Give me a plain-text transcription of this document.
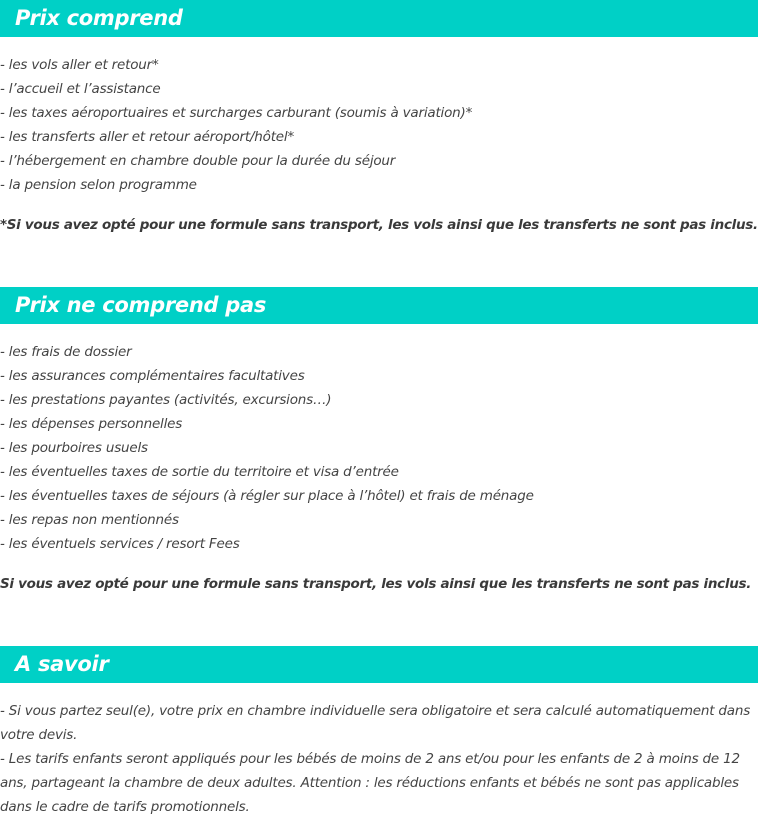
Prix comprend
- les vols aller et retour*
- l’accueil et l’assistance
- les taxes aéroportuaires et surcharges carburant (soumis à variation)*
- les transferts aller et retour aéroport/hôtel*
- l’hébergement en chambre double pour la durée du séjour
- la pension selon programme

*Si vous avez opté pour une formule sans transport, les vols ainsi que les transferts ne sont pas inclus.

Prix ne comprend pas
- les frais de dossier
- les assurances complémentaires facultatives
- les prestations payantes (activités, excursions…)
- les dépenses personnelles
- les pourboires usuels
- les éventuelles taxes de sortie du territoire et visa d’entrée
- les éventuelles taxes de séjours (à régler sur place à l’hôtel) et frais de ménage
- les repas non mentionnés
- les éventuels services / resort Fees

Si vous avez opté pour une formule sans transport, les vols ainsi que les transferts ne sont pas inclus.

A savoir

- Si vous partez seul(e), votre prix en chambre individuelle sera obligatoire et sera calculé automatiquement dans votre devis.

- Les tarifs enfants seront appliqués pour les bébés de moins de 2 ans et/ou pour les enfants de 2 à moins de 12 ans, partageant la chambre de deux adultes. Attention : les réductions enfants et bébés ne sont pas applicables dans le cadre de tarifs promotionnels.
